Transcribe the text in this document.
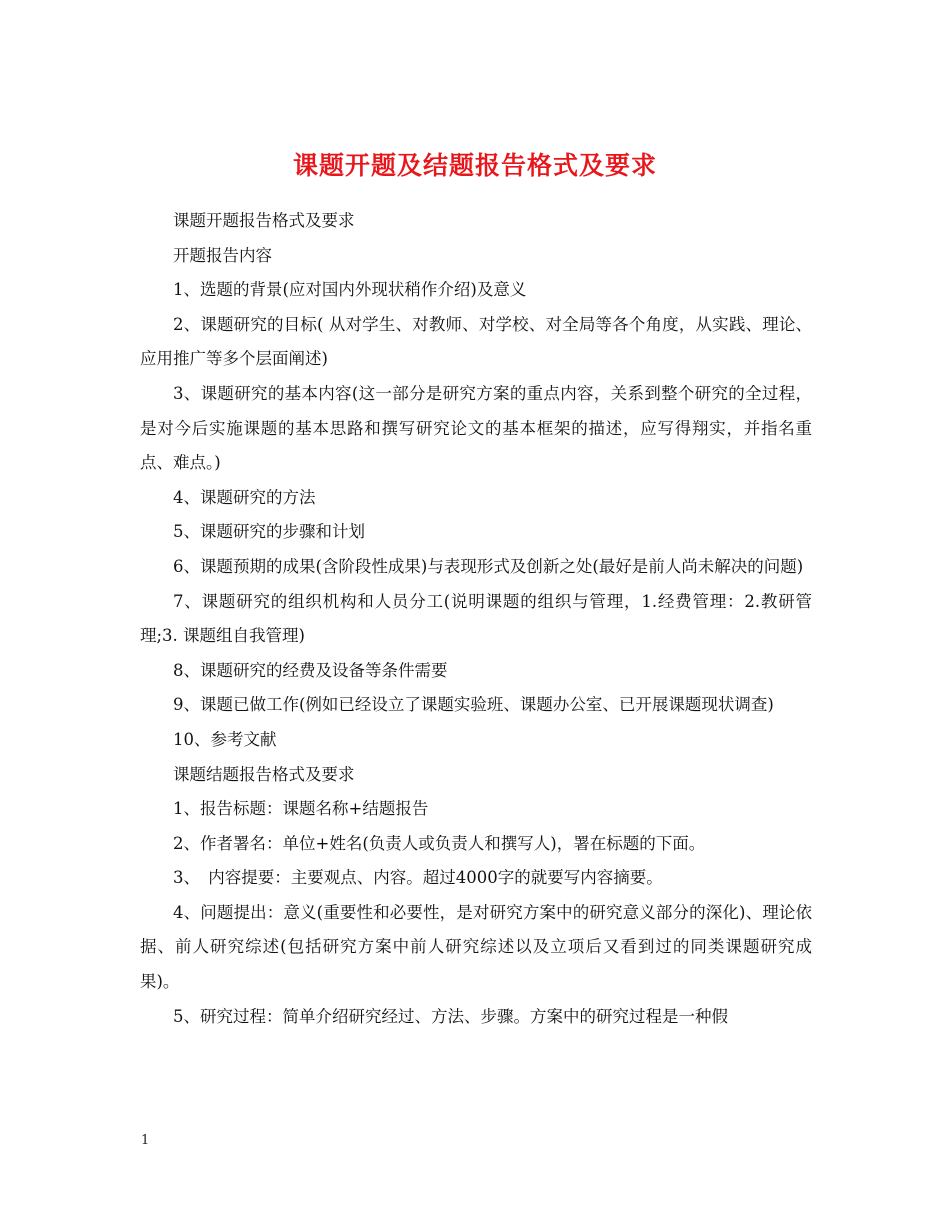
课题开题及结题报告格式及要求

课题开题报告格式及要求

开题报告内容

1、选题的背景(应对国内外现状稍作介绍)及意义

2、课题研究的目标( 从对学生、对教师、对学校、对全局等各个角度，从实践、理论、应用推广等多个层面阐述)

3、课题研究的基本内容(这一部分是研究方案的重点内容，关系到整个研究的全过程，是对今后实施课题的基本思路和撰写研究论文的基本框架的描述，应写得翔实，并指名重点、难点。)

4、课题研究的方法

5、课题研究的步骤和计划

6、课题预期的成果(含阶段性成果)与表现形式及创新之处(最好是前人尚未解决的问题)

7、课题研究的组织机构和人员分工(说明课题的组织与管理，1.经费管理：2.教研管理;3. 课题组自我管理)

8、课题研究的经费及设备等条件需要

9、课题已做工作(例如已经设立了课题实验班、课题办公室、已开展课题现状调查)

10、参考文献

课题结题报告格式及要求

1、报告标题：课题名称+结题报告

2、作者署名：单位+姓名(负责人或负责人和撰写人)，署在标题的下面。

3、　内容提要：主要观点、内容。超过4000字的就要写内容摘要。

4、问题提出：意义(重要性和必要性，是对研究方案中的研究意义部分的深化)、理论依据、前人研究综述(包括研究方案中前人研究综述以及立项后又看到过的同类课题研究成果)。

5、研究过程：简单介绍研究经过、方法、步骤。方案中的研究过程是一种假

1
